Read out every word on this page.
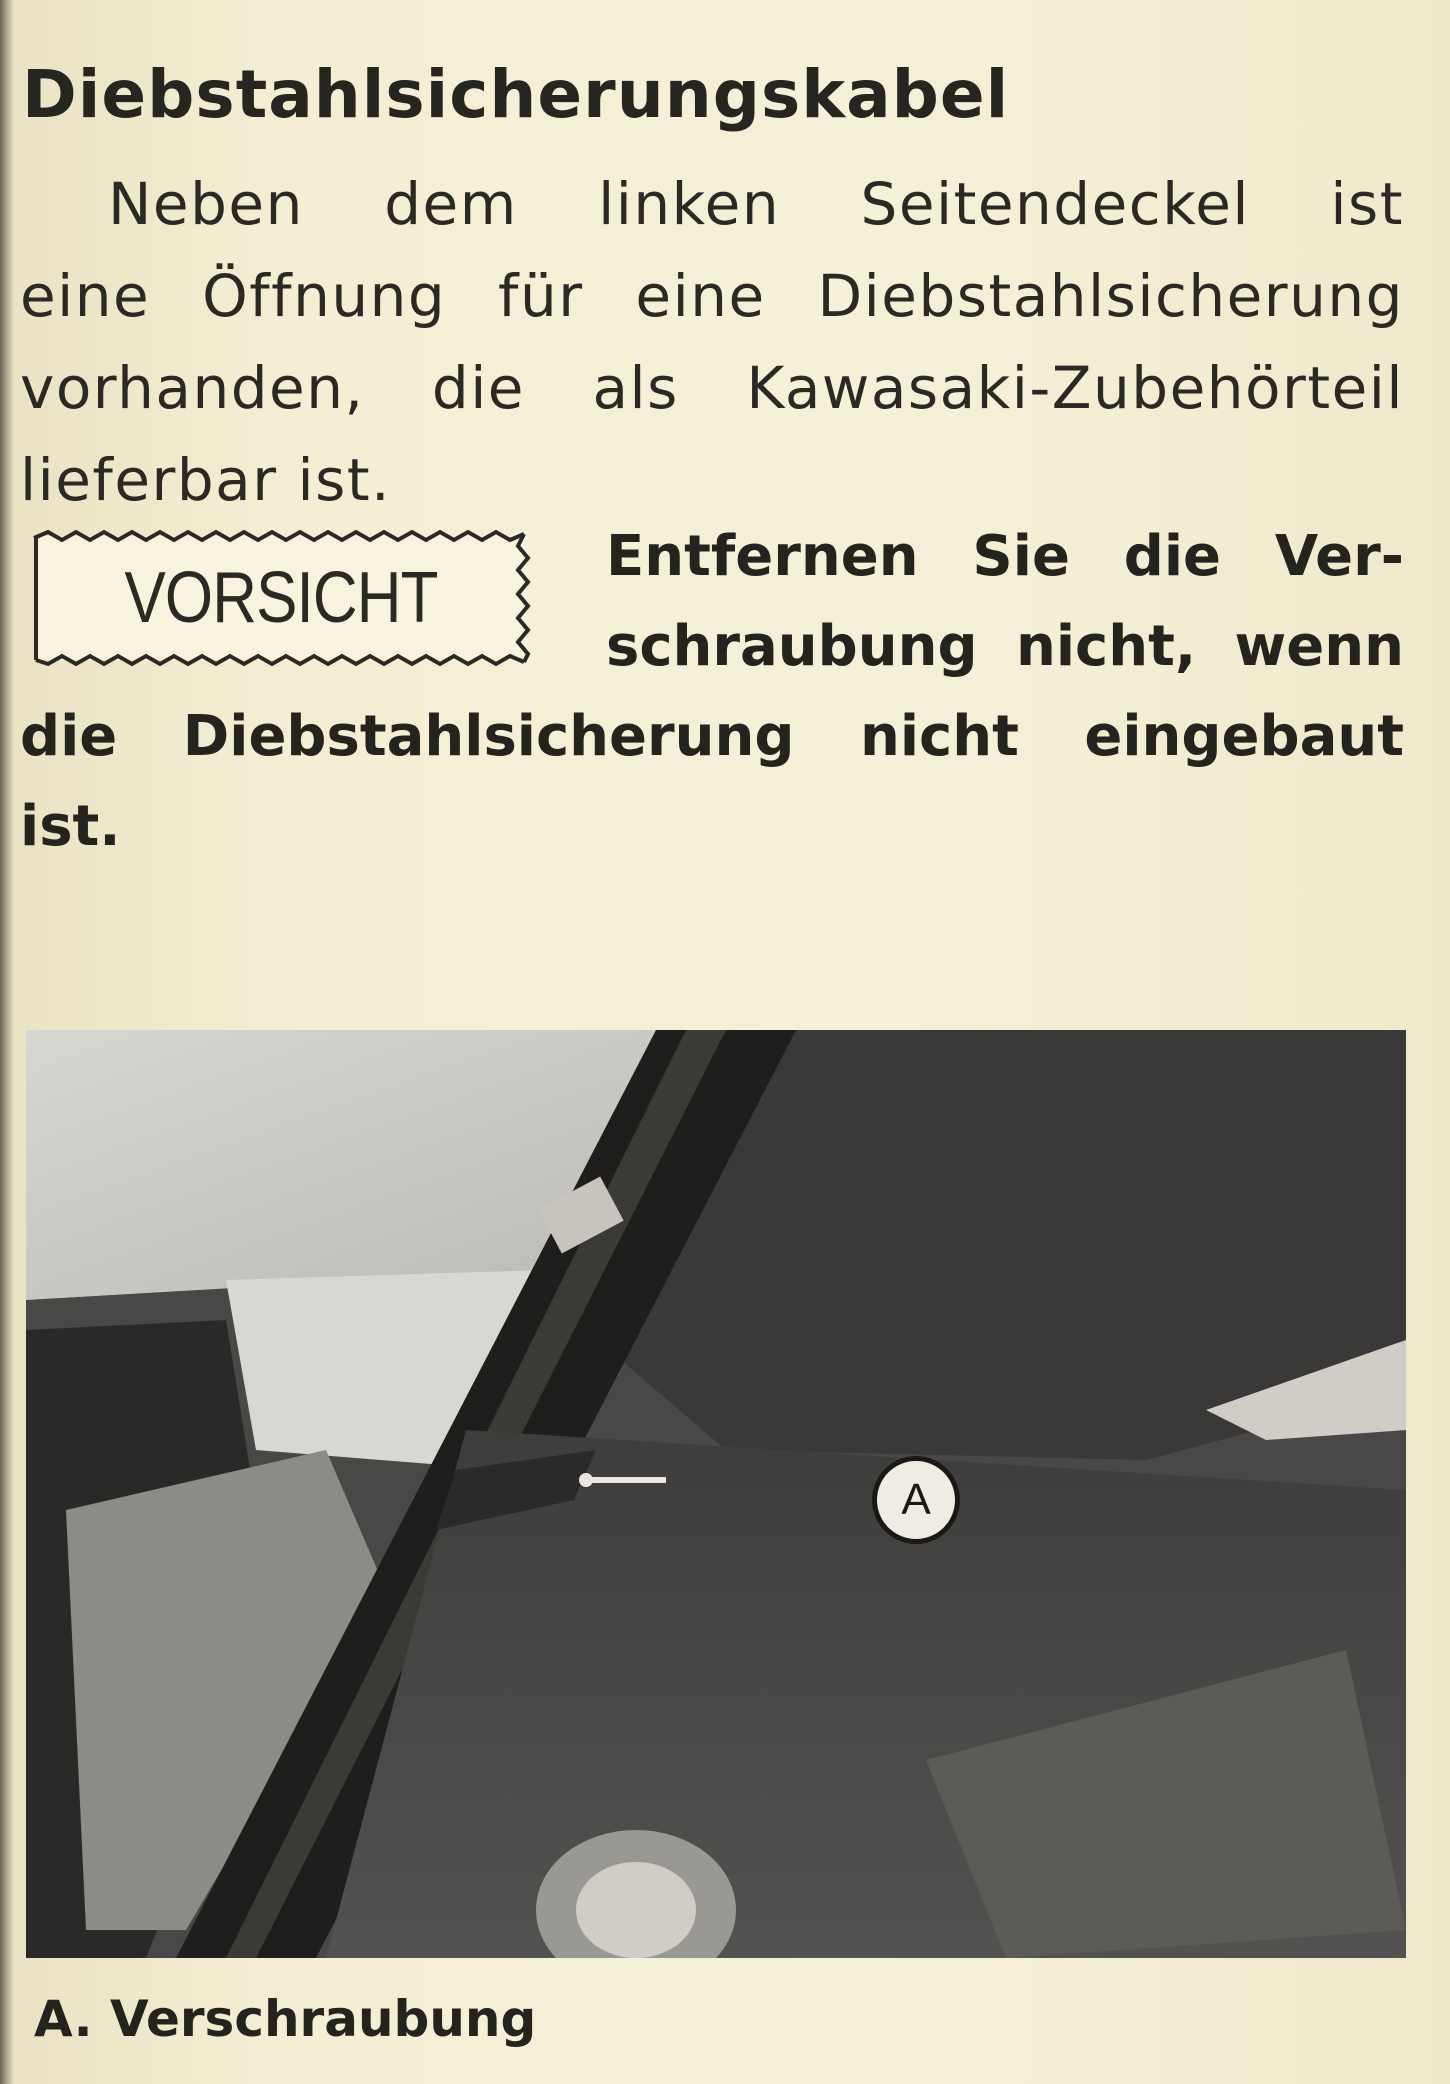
Diebstahlsicherungskabel
Neben dem linken Seitendeckel ist
eine Öffnung für eine Diebstahlsicherung
vorhanden, die als Kawasaki-Zubehörteil
lieferbar ist.
VORSICHT
Entfernen Sie die Ver-
schraubung nicht, wenn
die Diebstahlsicherung nicht eingebaut
ist.
A
A. Verschraubung
